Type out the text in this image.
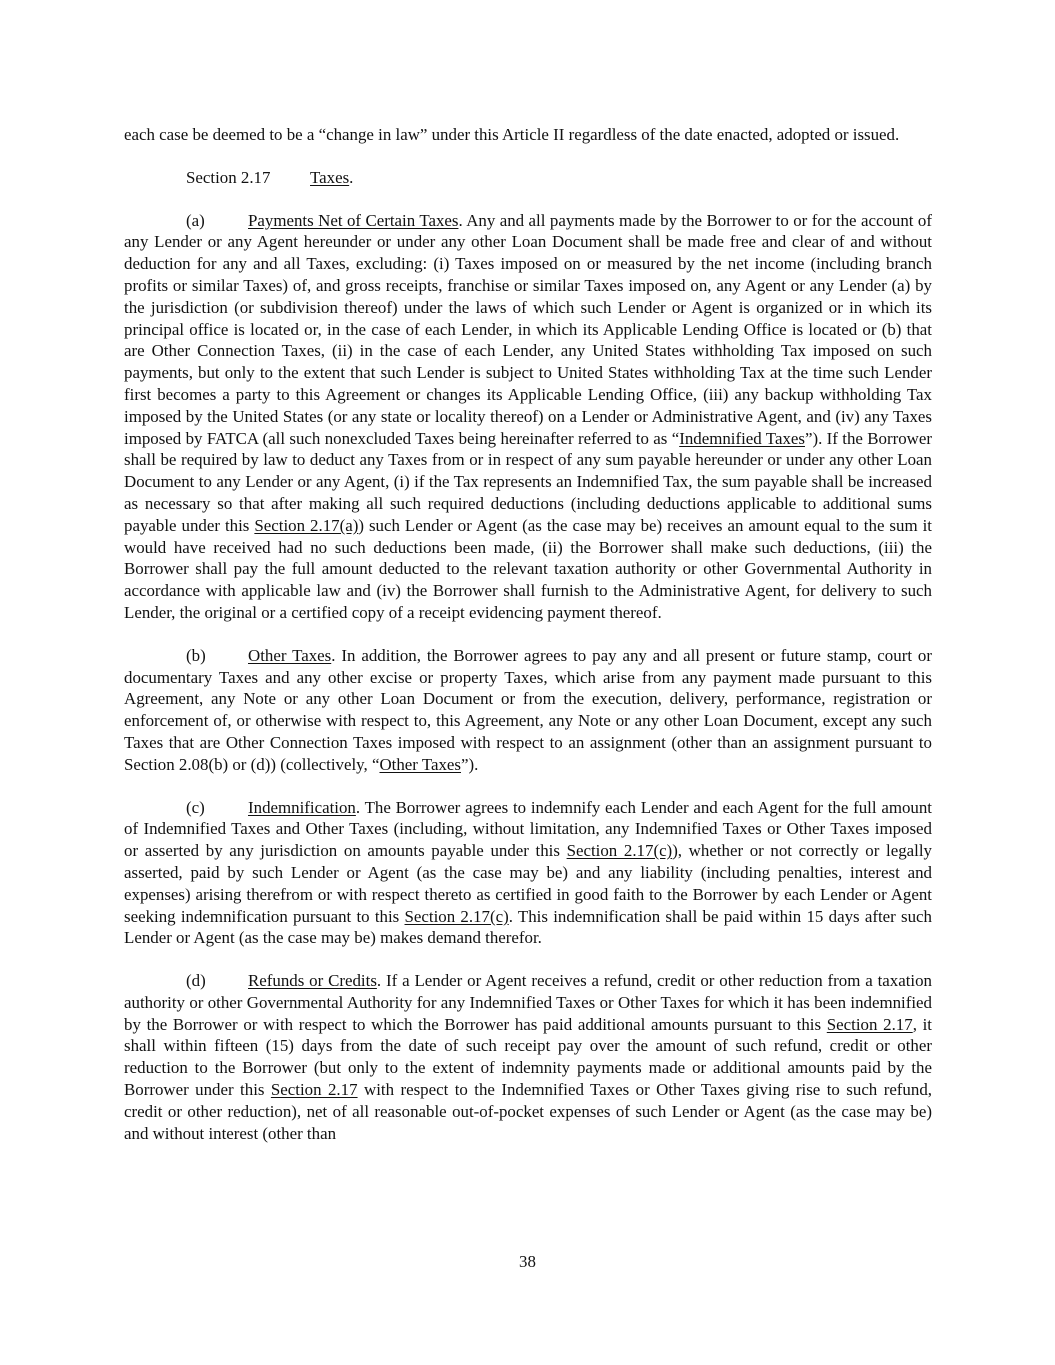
each case be deemed to be a “change in law” under this Article II regardless of the date enacted, adopted or issued.

Section 2.17 Taxes.

(a)	Payments Net of Certain Taxes. Any and all payments made by the Borrower to or for the account of any Lender or any Agent hereunder or under any other Loan Document shall be made free and clear of and without deduction for any and all Taxes, excluding: (i) Taxes imposed on or measured by the net income (including branch profits or similar Taxes) of, and gross receipts, franchise or similar Taxes imposed on, any Agent or any Lender (a) by the jurisdiction (or subdivision thereof) under the laws of which such Lender or Agent is organized or in which its principal office is located or, in the case of each Lender, in which its Applicable Lending Office is located or (b) that are Other Connection Taxes, (ii) in the case of each Lender, any United States withholding Tax imposed on such payments, but only to the extent that such Lender is subject to United States withholding Tax at the time such Lender first becomes a party to this Agreement or changes its Applicable Lending Office, (iii) any backup withholding Tax imposed by the United States (or any state or locality thereof) on a Lender or Administrative Agent, and (iv) any Taxes imposed by FATCA (all such nonexcluded Taxes being hereinafter referred to as “Indemnified Taxes”). If the Borrower shall be required by law to deduct any Taxes from or in respect of any sum payable hereunder or under any other Loan Document to any Lender or any Agent, (i) if the Tax represents an Indemnified Tax, the sum payable shall be increased as necessary so that after making all such required deductions (including deductions applicable to additional sums payable under this Section 2.17(a)) such Lender or Agent (as the case may be) receives an amount equal to the sum it would have received had no such deductions been made, (ii) the Borrower shall make such deductions, (iii) the Borrower shall pay the full amount deducted to the relevant taxation authority or other Governmental Authority in accordance with applicable law and (iv) the Borrower shall furnish to the Administrative Agent, for delivery to such Lender, the original or a certified copy of a receipt evidencing payment thereof.

(b)	Other Taxes. In addition, the Borrower agrees to pay any and all present or future stamp, court or documentary Taxes and any other excise or property Taxes, which arise from any payment made pursuant to this Agreement, any Note or any other Loan Document or from the execution, delivery, performance, registration or enforcement of, or otherwise with respect to, this Agreement, any Note or any other Loan Document, except any such Taxes that are Other Connection Taxes imposed with respect to an assignment (other than an assignment pursuant to Section 2.08(b) or (d)) (collectively, “Other Taxes”).

(c)	Indemnification. The Borrower agrees to indemnify each Lender and each Agent for the full amount of Indemnified Taxes and Other Taxes (including, without limitation, any Indemnified Taxes or Other Taxes imposed or asserted by any jurisdiction on amounts payable under this Section 2.17(c)), whether or not correctly or legally asserted, paid by such Lender or Agent (as the case may be) and any liability (including penalties, interest and expenses) arising therefrom or with respect thereto as certified in good faith to the Borrower by each Lender or Agent seeking indemnification pursuant to this Section 2.17(c). This indemnification shall be paid within 15 days after such Lender or Agent (as the case may be) makes demand therefor.

(d)	Refunds or Credits. If a Lender or Agent receives a refund, credit or other reduction from a taxation authority or other Governmental Authority for any Indemnified Taxes or Other Taxes for which it has been indemnified by the Borrower or with respect to which the Borrower has paid additional amounts pursuant to this Section 2.17, it shall within fifteen (15) days from the date of such receipt pay over the amount of such refund, credit or other reduction to the Borrower (but only to the extent of indemnity payments made or additional amounts paid by the Borrower under this Section 2.17 with respect to the Indemnified Taxes or Other Taxes giving rise to such refund, credit or other reduction), net of all reasonable out-of-pocket expenses of such Lender or Agent (as the case may be) and without interest (other than

38
